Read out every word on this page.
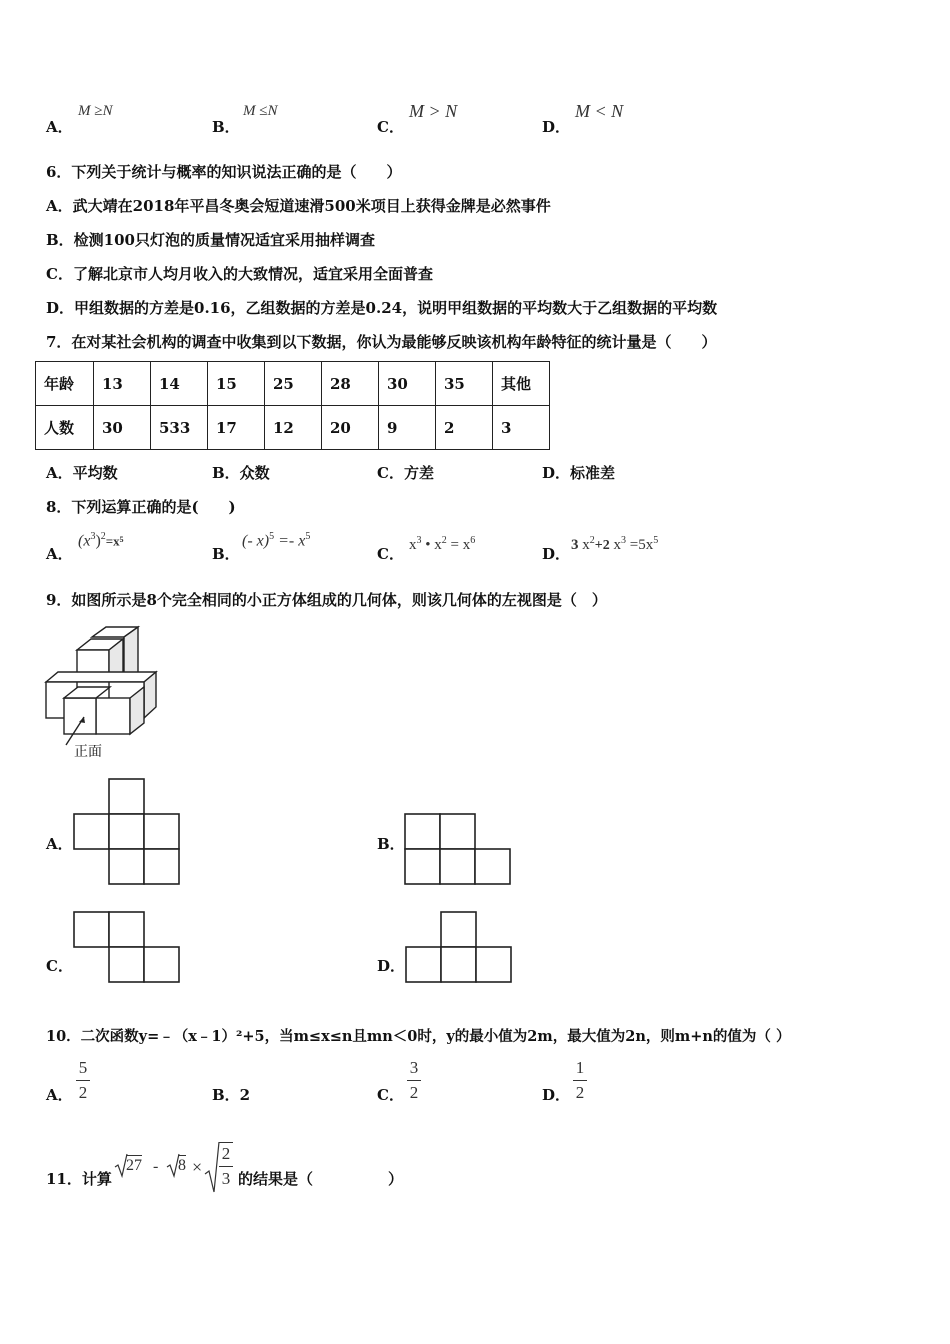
A．
M ≥N
B．
M ≤N
C．
M > N
D．
M < N
6．下列关于统计与概率的知识说法正确的是（　　）
A．武大靖在2018年平昌冬奥会短道速滑500米项目上获得金牌是必然事件
B．检测100只灯泡的质量情况适宜采用抽样调查
C．了解北京市人均月收入的大致情况，适宜采用全面普查
D．甲组数据的方差是0.16，乙组数据的方差是0.24，说明甲组数据的平均数大于乙组数据的平均数
7．在对某社会机构的调查中收集到以下数据，你认为最能够反映该机构年龄特征的统计量是（　　）
年龄	13	14	15	25	28	30	35	其他
人数	30	533	17	12	20	9	2	3
A．平均数	B．众数	C．方差	D．标准差
8．下列运算正确的是(　　)
A．
$(x^3)^2=x^5$
B．
(- $x)^5 =- x^5$
C． $x^3$ • $x^2 = x^6$
D． 3 $x^2+2$ $x^3 =5x^5$
9．如图所示是8个完全相同的小正方体组成的几何体，则该几何体的左视图是（　）
正面
A．	B．
C．	D．
10．二次函数y=﹣（x﹣1）²+5，当m≤x≤n且mn＜0时，y的最小值为2m，最大值为2n，则m+n的值为（ ）
A．
5
2	B．2	C．
3
2	D．
1
2
11．计算
27 - 8 ×
2
3 的结果是（　　　　　）
